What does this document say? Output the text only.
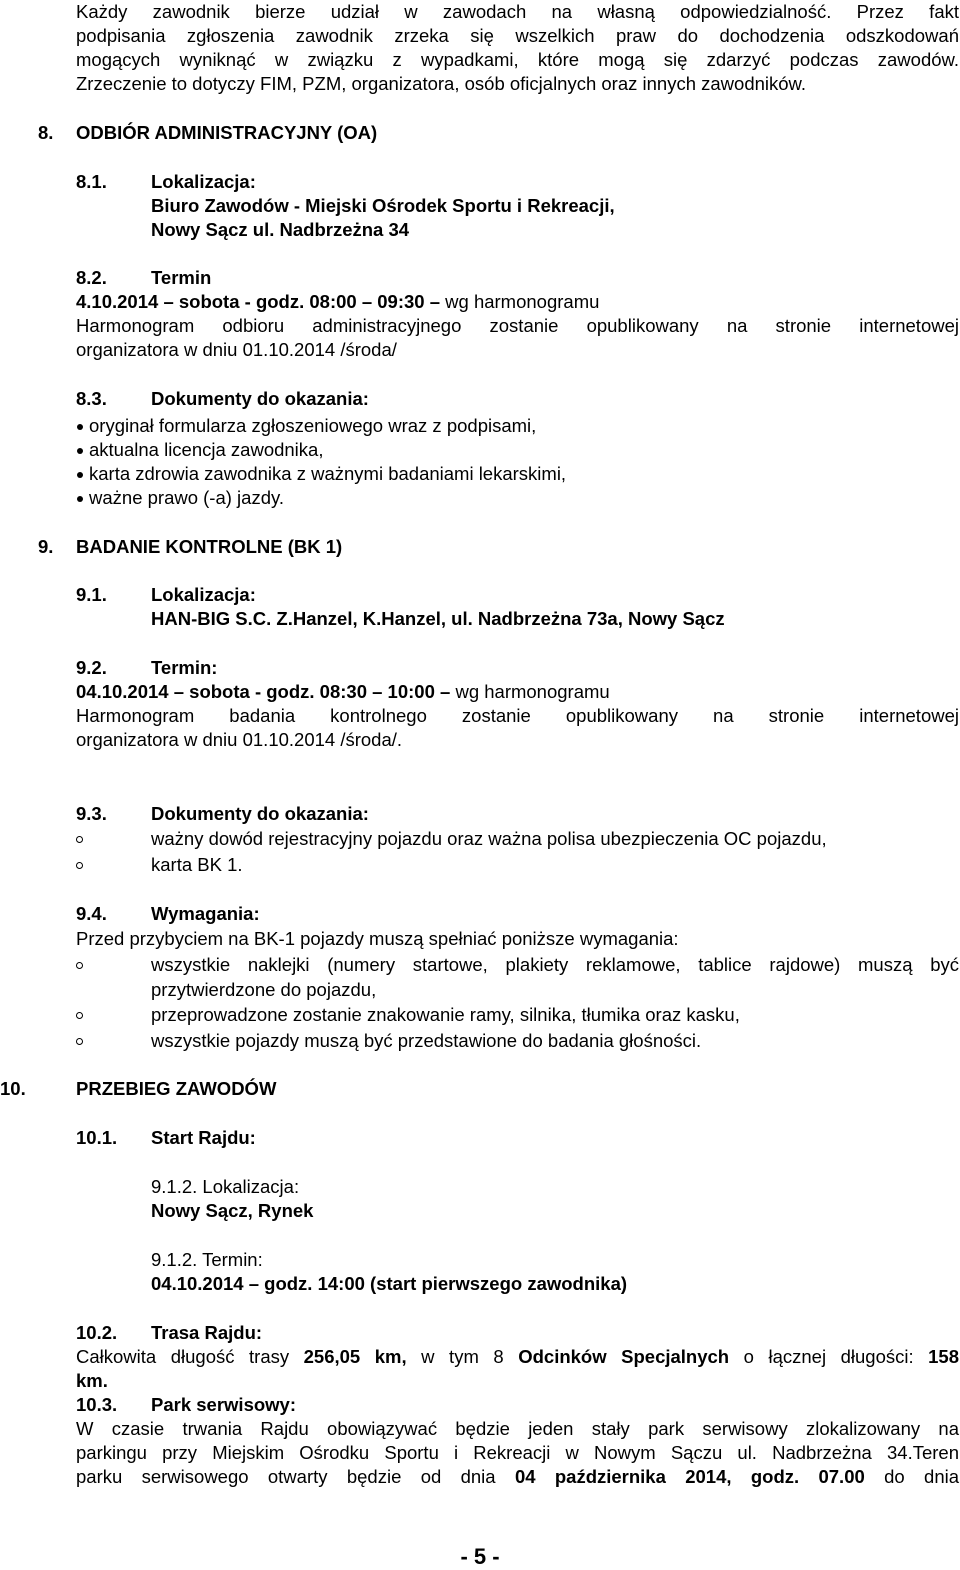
Każdy zawodnik bierze udział w zawodach na własną odpowiedzialność. Przez fakt
podpisania zgłoszenia zawodnik zrzeka się wszelkich praw do dochodzenia odszkodowań
mogących wyniknąć w związku z wypadkami, które mogą się zdarzyć podczas zawodów.
Zrzeczenie to dotyczy FIM, PZM, organizatora, osób oficjalnych oraz innych zawodników.
8. ODBIÓR ADMINISTRACYJNY (OA)
8.1. Lokalizacja:
Biuro Zawodów - Miejski Ośrodek Sportu i Rekreacji,
Nowy Sącz ul. Nadbrzeżna 34
8.2. Termin
4.10.2014 – sobota - godz. 08:00 – 09:30 – wg harmonogramu
Harmonogram odbioru administracyjnego zostanie opublikowany na stronie internetowej
organizatora w dniu 01.10.2014 /środa/
8.3. Dokumenty do okazania:
oryginał formularza zgłoszeniowego wraz z podpisami,
aktualna licencja zawodnika,
karta zdrowia zawodnika z ważnymi badaniami lekarskimi,
ważne prawo (-a) jazdy.
9. BADANIE KONTROLNE (BK 1)
9.1. Lokalizacja:
HAN-BIG S.C. Z.Hanzel, K.Hanzel, ul. Nadbrzeżna 73a, Nowy Sącz
9.2. Termin:
04.10.2014 – sobota - godz. 08:30 – 10:00 – wg harmonogramu
Harmonogram badania kontrolnego zostanie opublikowany na stronie internetowej
organizatora w dniu 01.10.2014 /środa/.
9.3. Dokumenty do okazania:
ważny dowód rejestracyjny pojazdu oraz ważna polisa ubezpieczenia OC pojazdu,
karta BK 1.
9.4. Wymagania:
Przed przybyciem na BK-1 pojazdy muszą spełniać poniższe wymagania:
wszystkie naklejki (numery startowe, plakiety reklamowe, tablice rajdowe) muszą być
przytwierdzone do pojazdu,
przeprowadzone zostanie znakowanie ramy, silnika, tłumika oraz kasku,
wszystkie pojazdy muszą być przedstawione do badania głośności.
10.	PRZEBIEG ZAWODÓW
10.1. Start Rajdu:
9.1.2. Lokalizacja:
Nowy Sącz, Rynek
9.1.2. Termin:
04.10.2014 – godz. 14:00 (start pierwszego zawodnika)
10.2. Trasa Rajdu:
Całkowita długość trasy 256,05 km, w tym 8 Odcinków Specjalnych o łącznej długości: 158
km.
10.3. Park serwisowy:
W czasie trwania Rajdu obowiązywać będzie jeden stały park serwisowy zlokalizowany na
parkingu przy Miejskim Ośrodku Sportu i Rekreacji w Nowym Sączu ul. Nadbrzeżna 34.Teren
parku serwisowego otwarty będzie od dnia 04 października 2014, godz. 07.00 do dnia
- 5 -
